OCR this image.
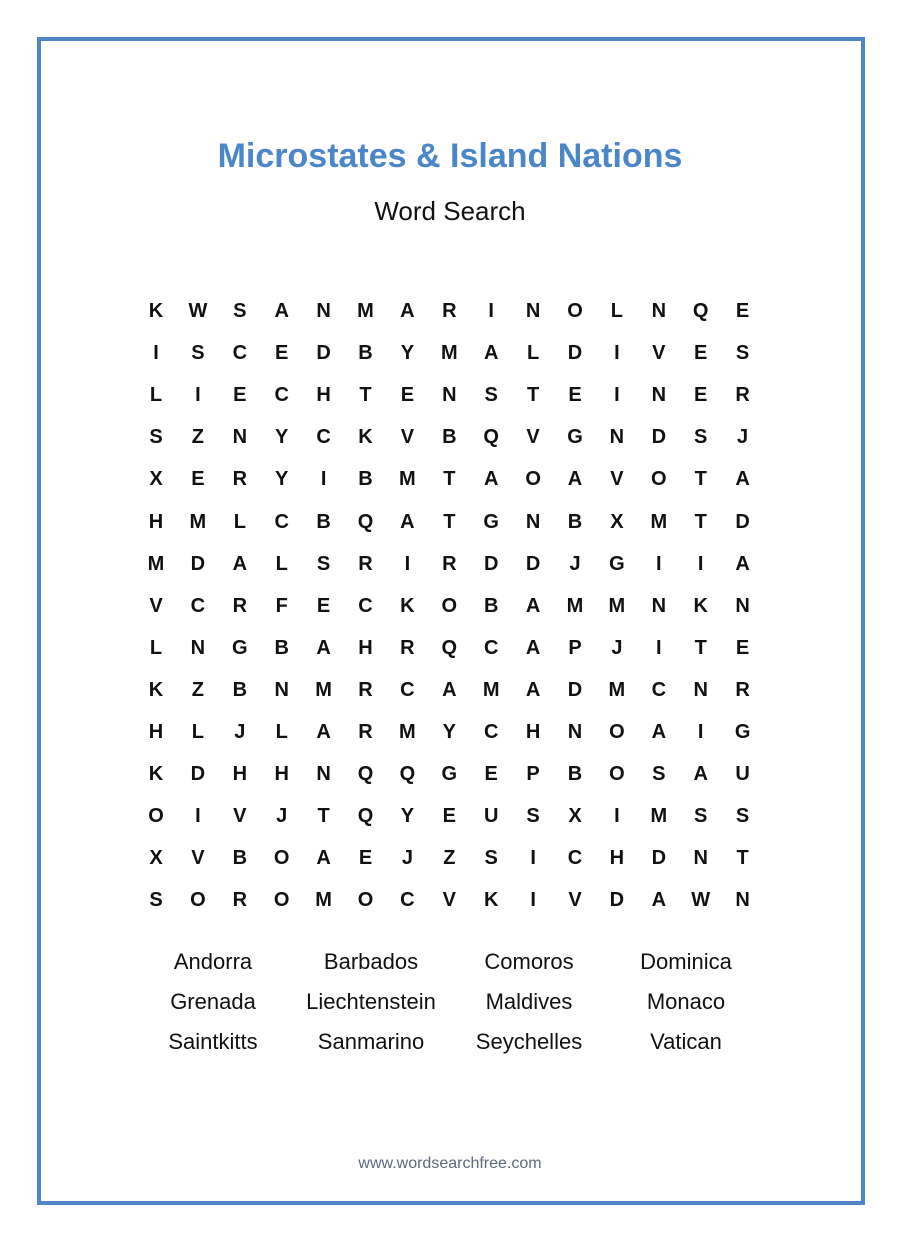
Microstates & Island Nations
Word Search
K	W	S	A	N	M	A	R	I	N	O	L	N	Q	E
I	S	C	E	D	B	Y	M	A	L	D	I	V	E	S
L	I	E	C	H	T	E	N	S	T	E	I	N	E	R
S	Z	N	Y	C	K	V	B	Q	V	G	N	D	S	J
X	E	R	Y	I	B	M	T	A	O	A	V	O	T	A
H	M	L	C	B	Q	A	T	G	N	B	X	M	T	D
M	D	A	L	S	R	I	R	D	D	J	G	I	I	A
V	C	R	F	E	C	K	O	B	A	M	M	N	K	N
L	N	G	B	A	H	R	Q	C	A	P	J	I	T	E
K	Z	B	N	M	R	C	A	M	A	D	M	C	N	R
H	L	J	L	A	R	M	Y	C	H	N	O	A	I	G
K	D	H	H	N	Q	Q	G	E	P	B	O	S	A	U
O	I	V	J	T	Q	Y	E	U	S	X	I	M	S	S
X	V	B	O	A	E	J	Z	S	I	C	H	D	N	T
S	O	R	O	M	O	C	V	K	I	V	D	A	W	N
Andorra	Barbados	Comoros	Dominica
Grenada	Liechtenstein	Maldives	Monaco
Saintkitts	Sanmarino	Seychelles	Vatican
www.wordsearchfree.com
